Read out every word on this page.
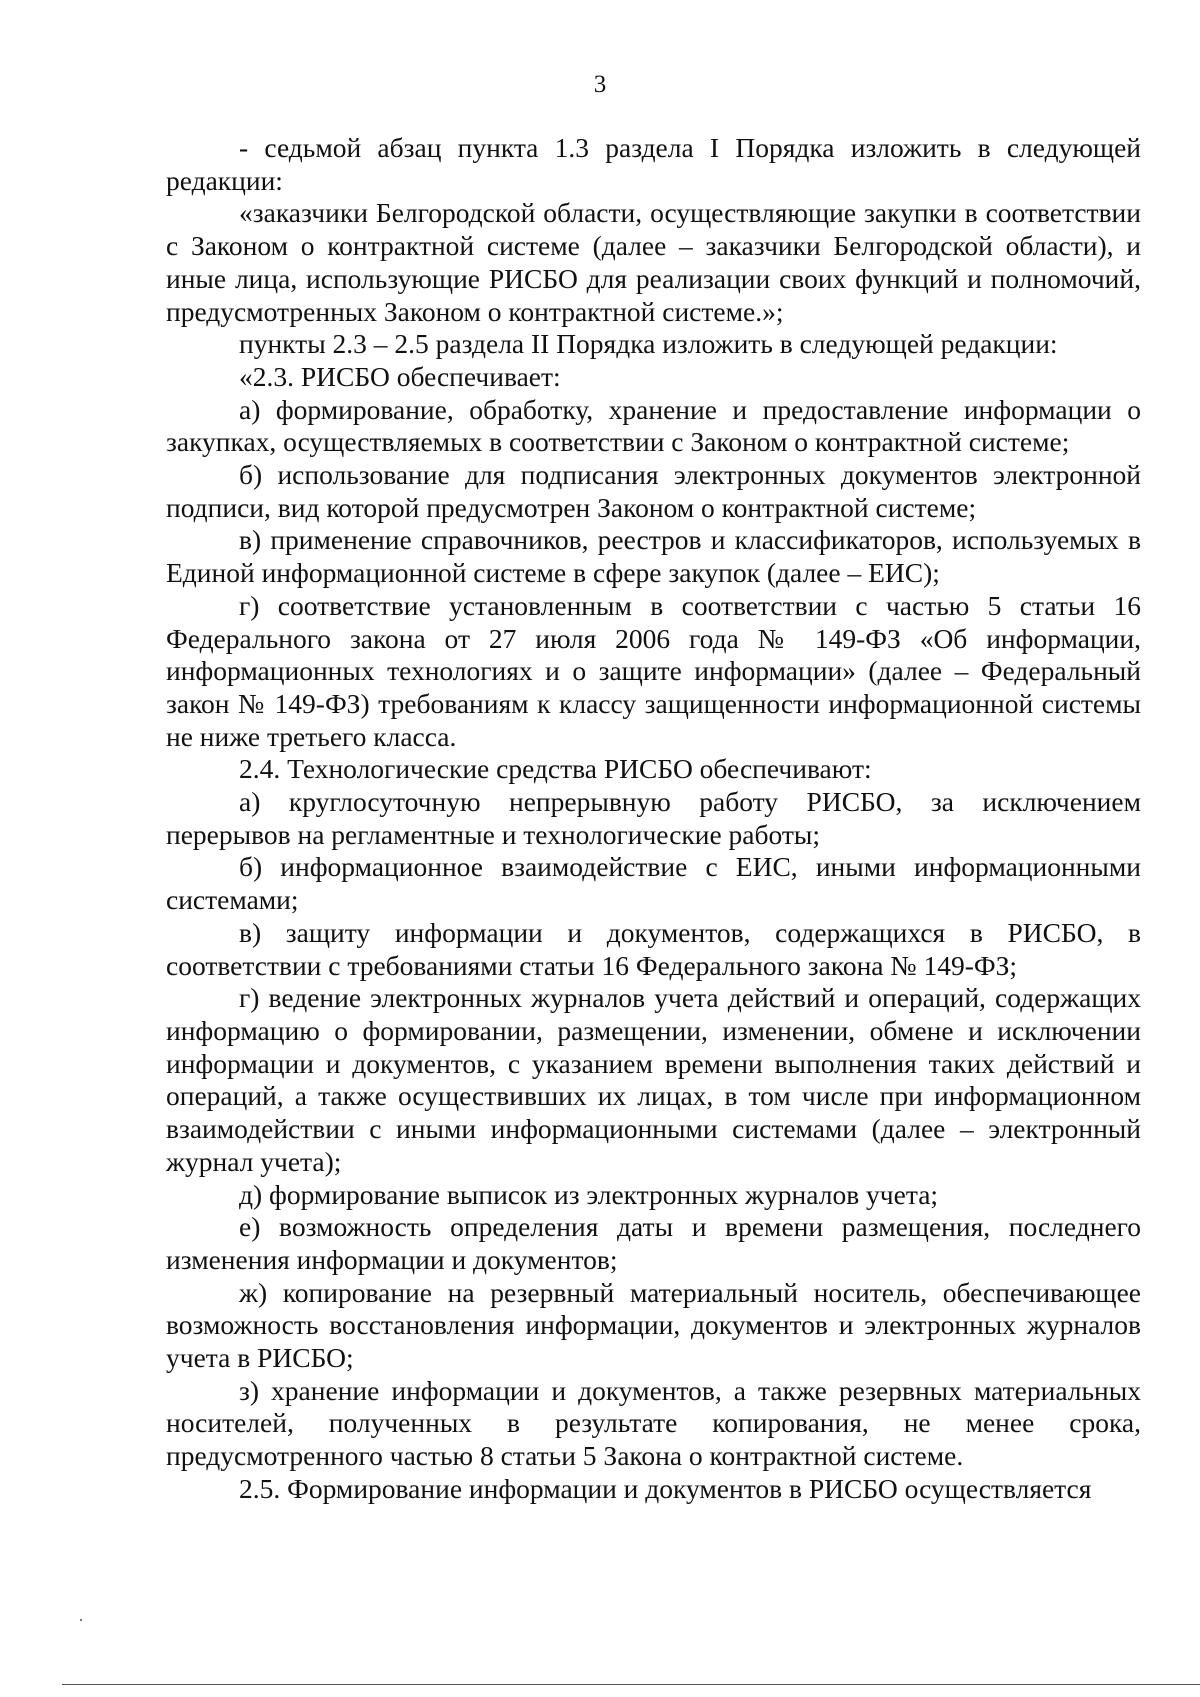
3

- седьмой абзац пункта 1.3 раздела I Порядка изложить в следующей редакции:

«заказчики Белгородской области, осуществляющие закупки в соответствии с Законом о контрактной системе (далее – заказчики Белгородской области), и иные лица, использующие РИСБО для реализации своих функций и полномочий, предусмотренных Законом о контрактной системе.»;

пункты 2.3 – 2.5 раздела II Порядка изложить в следующей редакции:

«2.3. РИСБО обеспечивает:

а) формирование, обработку, хранение и предоставление информации о закупках, осуществляемых в соответствии с Законом о контрактной системе;

б) использование для подписания электронных документов электронной подписи, вид которой предусмотрен Законом о контрактной системе;

в) применение справочников, реестров и классификаторов, используемых в Единой информационной системе в сфере закупок (далее – ЕИС);

г) соответствие установленным в соответствии с частью 5 статьи 16 Федерального закона от 27 июля 2006 года № 149-ФЗ «Об информации, информационных технологиях и о защите информации» (далее – Федеральный закон № 149-ФЗ) требованиям к классу защищенности информационной системы не ниже третьего класса.

2.4. Технологические средства РИСБО обеспечивают:

а) круглосуточную непрерывную работу РИСБО, за исключением перерывов на регламентные и технологические работы;

б) информационное взаимодействие с ЕИС, иными информационными системами;

в) защиту информации и документов, содержащихся в РИСБО, в соответствии с требованиями статьи 16 Федерального закона № 149-ФЗ;

г) ведение электронных журналов учета действий и операций, содержащих информацию о формировании, размещении, изменении, обмене и исключении информации и документов, с указанием времени выполнения таких действий и операций, а также осуществивших их лицах, в том числе при информационном взаимодействии с иными информационными системами (далее – электронный журнал учета);

д) формирование выписок из электронных журналов учета;

е) возможность определения даты и времени размещения, последнего изменения информации и документов;

ж) копирование на резервный материальный носитель, обеспечивающее возможность восстановления информации, документов и электронных журналов учета в РИСБО;

з) хранение информации и документов, а также резервных материальных носителей, полученных в результате копирования, не менее срока, предусмотренного частью 8 статьи 5 Закона о контрактной системе.

2.5. Формирование информации и документов в РИСБО осуществляется
